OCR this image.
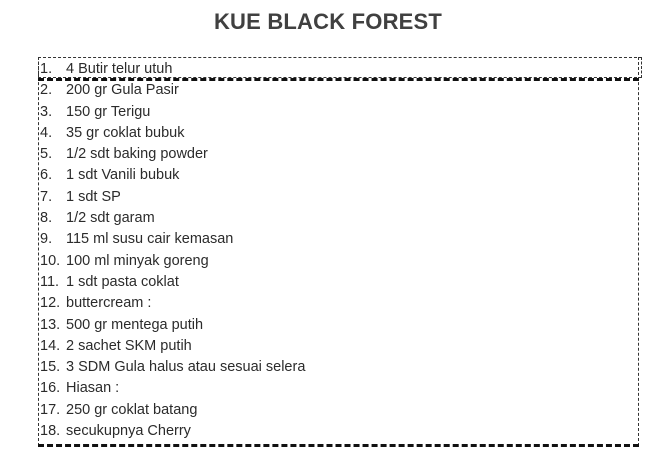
KUE BLACK FOREST
1. 4 Butir telur utuh
2. 200 gr Gula Pasir
3. 150 gr Terigu
4. 35 gr coklat bubuk
5. 1/2 sdt baking powder
6. 1 sdt Vanili bubuk
7. 1 sdt SP
8. 1/2 sdt garam
9. 115 ml susu cair kemasan
10. 100 ml minyak goreng
11. 1 sdt pasta coklat
12. buttercream :
13. 500 gr mentega putih
14. 2 sachet SKM putih
15. 3 SDM Gula halus atau sesuai selera
16. Hiasan :
17. 250 gr coklat batang
18. secukupnya Cherry
